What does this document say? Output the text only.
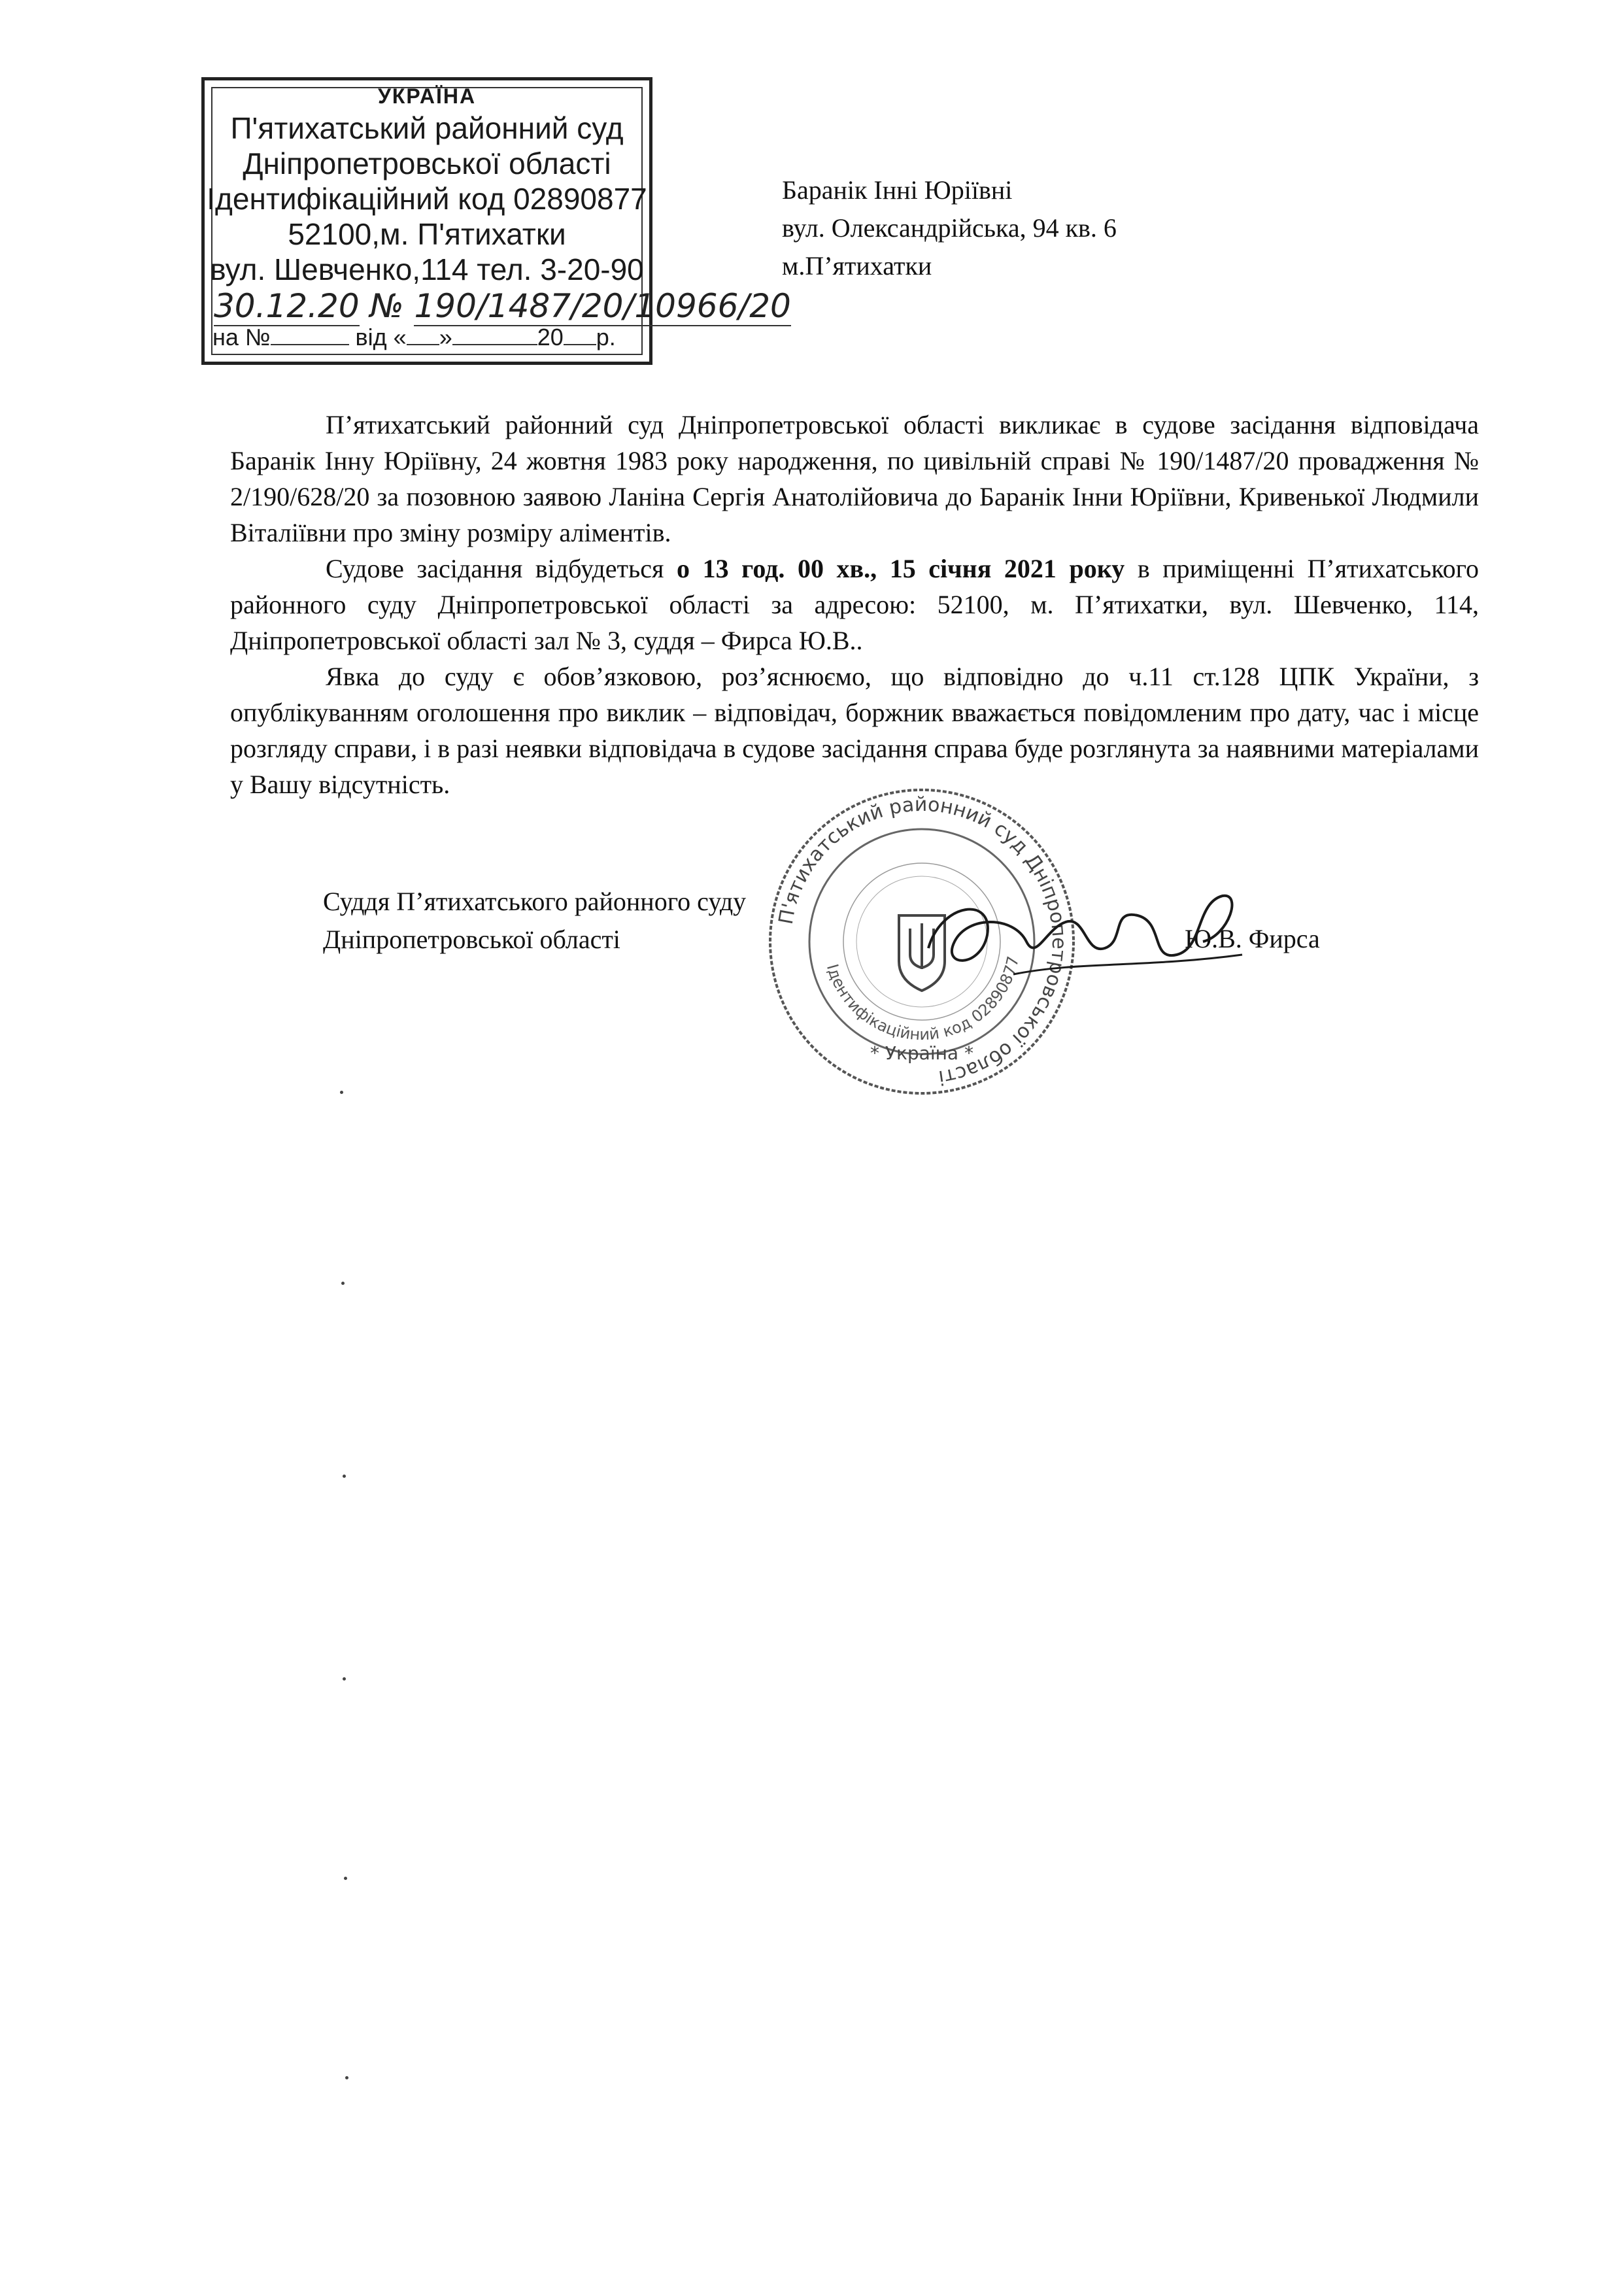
УКРАЇНА
П'ятихатський районний суд
Дніпропетровської області
Ідентифікаційний код 02890877
52100,м. П'ятихатки
вул. Шевченко,114 тел. 3-20-90
30.12.20 № 190/1487/20/10966/20
на №	від « »	20 р.
Баранік Інні Юріївні
вул. Олександрійська, 94 кв. 6
м.П’ятихатки

П’ятихатський районний суд Дніпропетровської області викликає в судове засідання відповідача Баранік Інну Юріївну, 24 жовтня 1983 року народження, по цивільній справі № 190/1487/20 провадження № 2/190/628/20 за позовною заявою Ланіна Сергія Анатолійовича до Баранік Інни Юріївни, Кривенької Людмили Віталіївни про зміну розміру аліментів.

Судове засідання відбудеться о 13 год. 00 хв., 15 січня 2021 року в приміщенні П’ятихатського районного суду Дніпропетровської області за адресою: 52100, м. П’ятихатки, вул. Шевченко, 114, Дніпропетровської області зал № 3, суддя – Фирса Ю.В..

Явка до суду є обов’язковою, роз’яснюємо, що відповідно до ч.11 ст.128 ЦПК України, з опублікуванням оголошення про виклик – відповідач, боржник вважається повідомленим про дату, час і місце розгляду справи, і в разі неявки відповідача в судове засідання справа буде розглянута за наявними матеріалами у Вашу відсутність.

П'ятихатський районний суд Дніпропетровської області
Ідентифікаційний код 02890877
* Україна *
Суддя П’ятихатського районного суду
Дніпропетровської області	Ю.В. Фирса
